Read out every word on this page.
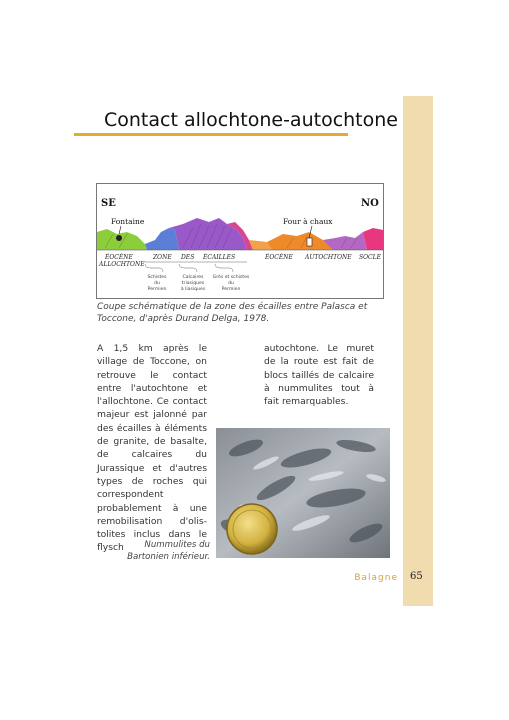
Contact allochtone-autochtone
SE	NO
Fontaine	Four à chaux
ÉOCÈNE
ALLOCHTONE
ZONE DES ÉCAILLES	ÉOCÈNE AUTOCHTONE SOCLE
Schistes
du
Permien
Calcaires
triasiques
à liasiques
Grès et schistes
du
Permien
Coupe schématique de la zone des écailles entre Palasca et Toccone, d'après Durand Delga, 1978.
A 1,5 km après le village de Toccone, on retrouve le contact entre l'autochtone et l'allochtone. Ce contact majeur est jalonné par des écailles à éléments de granite, de basalte, de calcaires du Jurassique et d'autres types de roches qui correspondent probablement à une remobilisation d'olis-tolites inclus dans le flysch
autochtone. Le muret de la route est fait de blocs taillés de calcaire à nummulites tout à fait remarquables.
Nummulites du Bartonien inférieur.
Balagne 65
